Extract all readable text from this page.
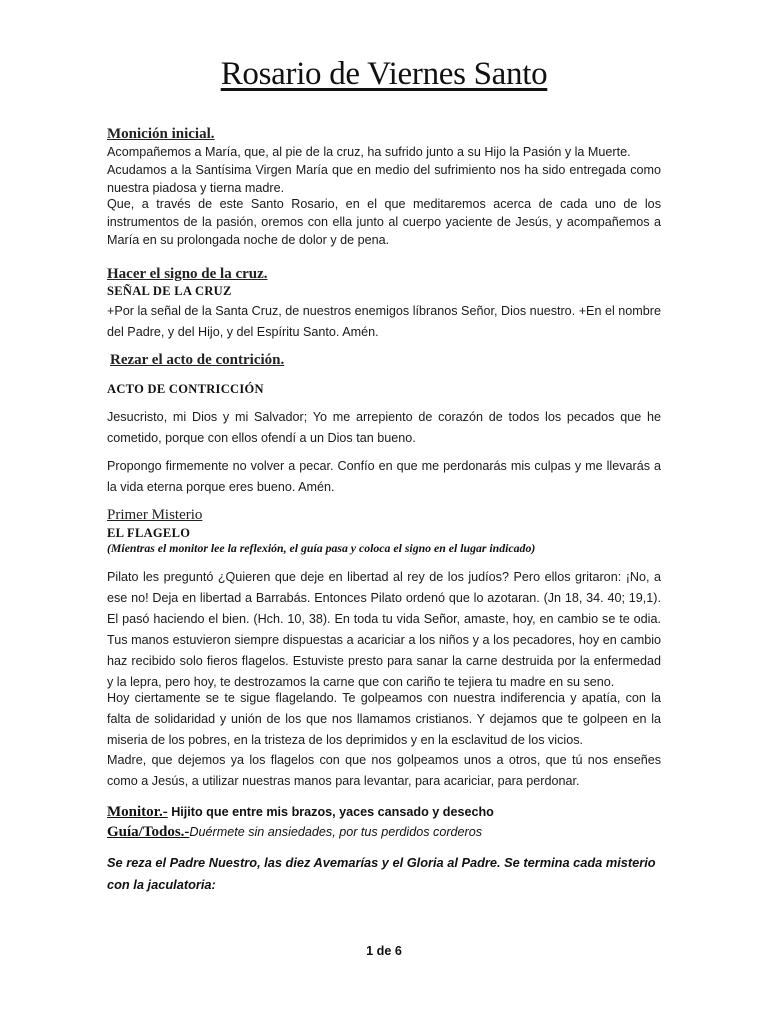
Rosario de Viernes Santo
Monición inicial.

Acompañemos a María, que, al pie de la cruz, ha sufrido junto a su Hijo la Pasión y la Muerte.

Acudamos a la Santísima Virgen María que en medio del sufrimiento nos ha sido entregada como nuestra piadosa y tierna madre.

Que, a través de este Santo Rosario, en el que meditaremos acerca de cada uno de los instrumentos de la pasión, oremos con ella junto al cuerpo yaciente de Jesús, y acompañemos a María en su prolongada noche de dolor y de pena.

Hacer el signo de la cruz.
SEÑAL DE LA CRUZ

+Por la señal de la Santa Cruz, de nuestros enemigos líbranos Señor, Dios nuestro. +En el nombre del Padre, y del Hijo, y del Espíritu Santo. Amén.

Rezar el acto de contrición.
ACTO DE CONTRICCIÓN

Jesucristo, mi Dios y mi Salvador; Yo me arrepiento de corazón de todos los pecados que he cometido, porque con ellos ofendí a un Dios tan bueno.

Propongo firmemente no volver a pecar. Confío en que me perdonarás mis culpas y me llevarás a la vida eterna porque eres bueno. Amén.

Primer Misterio
EL FLAGELO
(Mientras el monitor lee la reflexión, el guía pasa y coloca el signo en el lugar indicado)

Pilato les preguntó ¿Quieren que deje en libertad al rey de los judíos? Pero ellos gritaron: ¡No, a ese no! Deja en libertad a Barrabás. Entonces Pilato ordenó que lo azotaran. (Jn 18, 34. 40; 19,1). El pasó haciendo el bien. (Hch. 10, 38). En toda tu vida Señor, amaste, hoy, en cambio se te odia. Tus manos estuvieron siempre dispuestas a acariciar a los niños y a los pecadores, hoy en cambio haz recibido solo fieros flagelos. Estuviste presto para sanar la carne destruida por la enfermedad y la lepra, pero hoy, te destrozamos la carne que con cariño te tejiera tu madre en su seno.

Hoy ciertamente se te sigue flagelando. Te golpeamos con nuestra indiferencia y apatía, con la falta de solidaridad y unión de los que nos llamamos cristianos. Y dejamos que te golpeen en la miseria de los pobres, en la tristeza de los deprimidos y en la esclavitud de los vicios.

Madre, que dejemos ya los flagelos con que nos golpeamos unos a otros, que tú nos enseñes como a Jesús, a utilizar nuestras manos para levantar, para acariciar, para perdonar.

Monitor.- Hijito que entre mis brazos, yaces cansado y desecho
Guía/Todos.-Duérmete sin ansiedades, por tus perdidos corderos

Se reza el Padre Nuestro, las diez Avemarías y el Gloria al Padre. Se termina cada misterio con la jaculatoria:

1 de 6
